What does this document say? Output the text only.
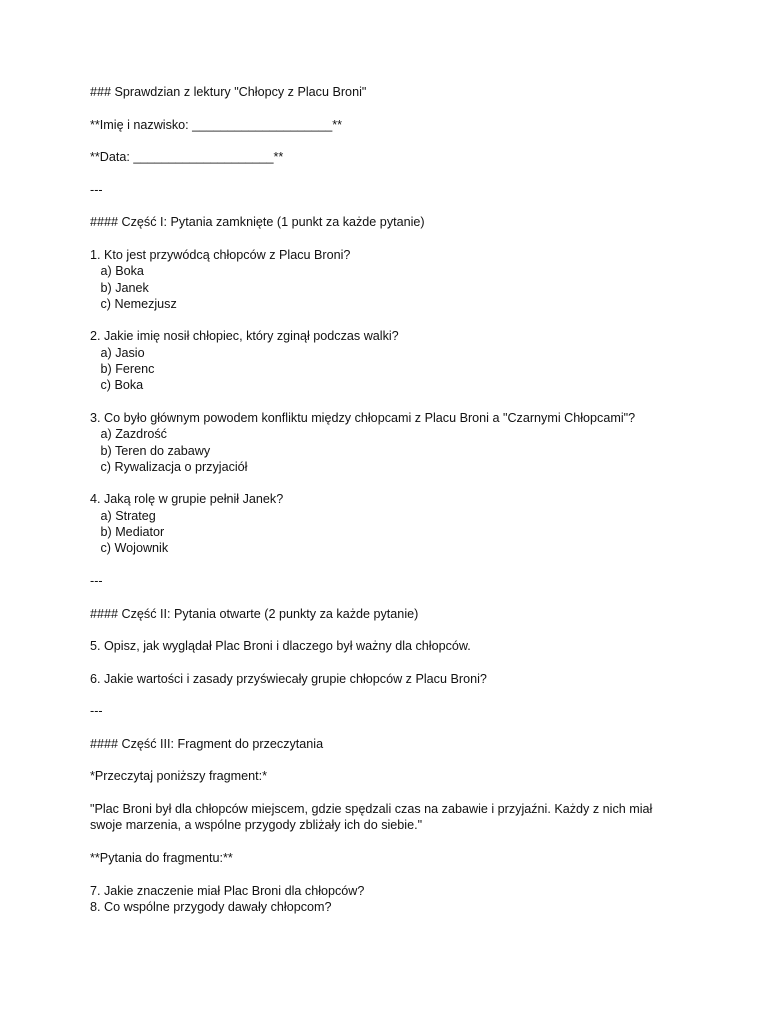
### Sprawdzian z lektury "Chłopcy z Placu Broni"

**Imię i nazwisko: ____________________**

**Data: ____________________**

---

#### Część I: Pytania zamknięte (1 punkt za każde pytanie)

1. Kto jest przywódcą chłopców z Placu Broni?

a) Boka

b) Janek

c) Nemezjusz

2. Jakie imię nosił chłopiec, który zginął podczas walki?

a) Jasio

b) Ferenc

c) Boka

3. Co było głównym powodem konfliktu między chłopcami z Placu Broni a "Czarnymi Chłopcami"?

a) Zazdrość

b) Teren do zabawy

c) Rywalizacja o przyjaciół

4. Jaką rolę w grupie pełnił Janek?

a) Strateg

b) Mediator

c) Wojownik

---

#### Część II: Pytania otwarte (2 punkty za każde pytanie)

5. Opisz, jak wyglądał Plac Broni i dlaczego był ważny dla chłopców.

6. Jakie wartości i zasady przyświecały grupie chłopców z Placu Broni?

---

#### Część III: Fragment do przeczytania

*Przeczytaj poniższy fragment:*

"Plac Broni był dla chłopców miejscem, gdzie spędzali czas na zabawie i przyjaźni. Każdy z nich miał

swoje marzenia, a wspólne przygody zbliżały ich do siebie."

**Pytania do fragmentu:**

7. Jakie znaczenie miał Plac Broni dla chłopców?

8. Co wspólne przygody dawały chłopcom?
